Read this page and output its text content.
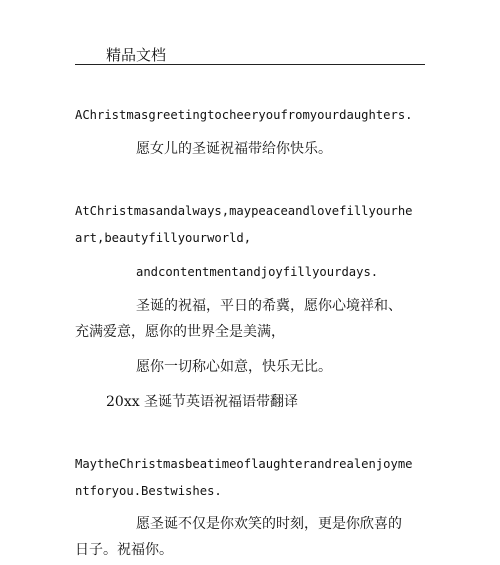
精品文档
AChristmasgreetingtocheeryoufromyourdaughters.
愿女儿的圣诞祝福带给你快乐。
AtChristmasandalways,maypeaceandlovefillyourhe
art,beautyfillyourworld,
andcontentmentandjoyfillyourdays.
圣诞的祝福，平日的希冀，愿你心境祥和、
充满爱意，愿你的世界全是美满，
愿你一切称心如意，快乐无比。
20xx 圣诞节英语祝福语带翻译
MaytheChristmasbeatimeoflaughterandrealenjoyme
ntforyou.Bestwishes.
愿圣诞不仅是你欢笑的时刻，更是你欣喜的
日子。祝福你。
